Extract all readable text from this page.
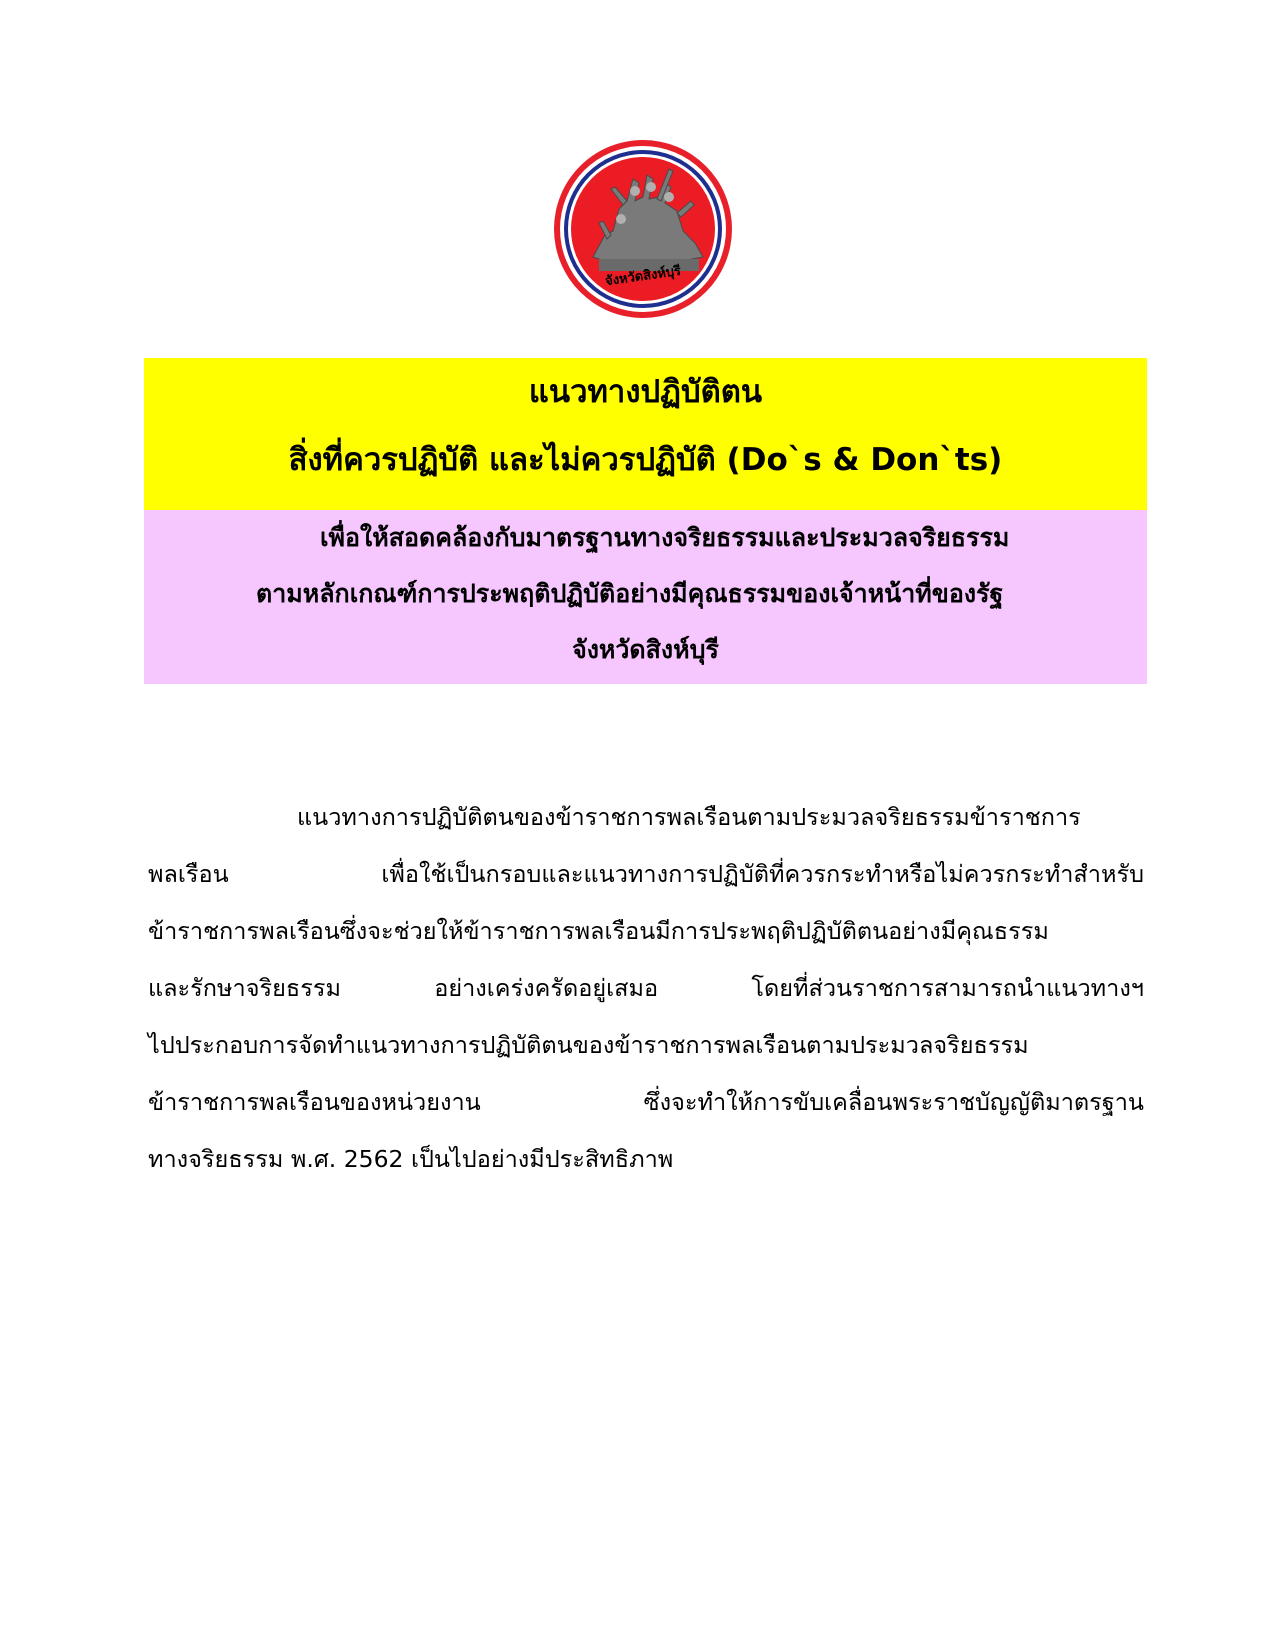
จังหวัดสิงห์บุรี
แนวทางปฏิบัติตน
สิ่งที่ควรปฏิบัติ และไม่ควรปฏิบัติ (Do`s & Don`ts)
เพื่อให้สอดคล้องกับมาตรฐานทางจริยธรรมและประมวลจริยธรรม
ตามหลักเกณฑ์การประพฤติปฏิบัติอย่างมีคุณธรรมของเจ้าหน้าที่ของรัฐ
จังหวัดสิงห์บุรี
แนวทางการปฏิบัติตนของข้าราชการพลเรือนตามประมวลจริยธรรมข้าราชการ
พลเรือน เพื่อใช้เป็นกรอบและแนวทางการปฏิบัติที่ควรกระทำหรือไม่ควรกระทำสำหรับ
ข้าราชการพลเรือนซึ่งจะช่วยให้ข้าราชการพลเรือนมีการประพฤติปฏิบัติตนอย่างมีคุณธรรม
และรักษาจริยธรรม อย่างเคร่งครัดอยู่เสมอ โดยที่ส่วนราชการสามารถนำแนวทางฯ
ไปประกอบการจัดทำแนวทางการปฏิบัติตนของข้าราชการพลเรือนตามประมวลจริยธรรม
ข้าราชการพลเรือนของหน่วยงาน ซึ่งจะทำให้การขับเคลื่อนพระราชบัญญัติมาตรฐาน
ทางจริยธรรม พ.ศ. 2562 เป็นไปอย่างมีประสิทธิภาพ
